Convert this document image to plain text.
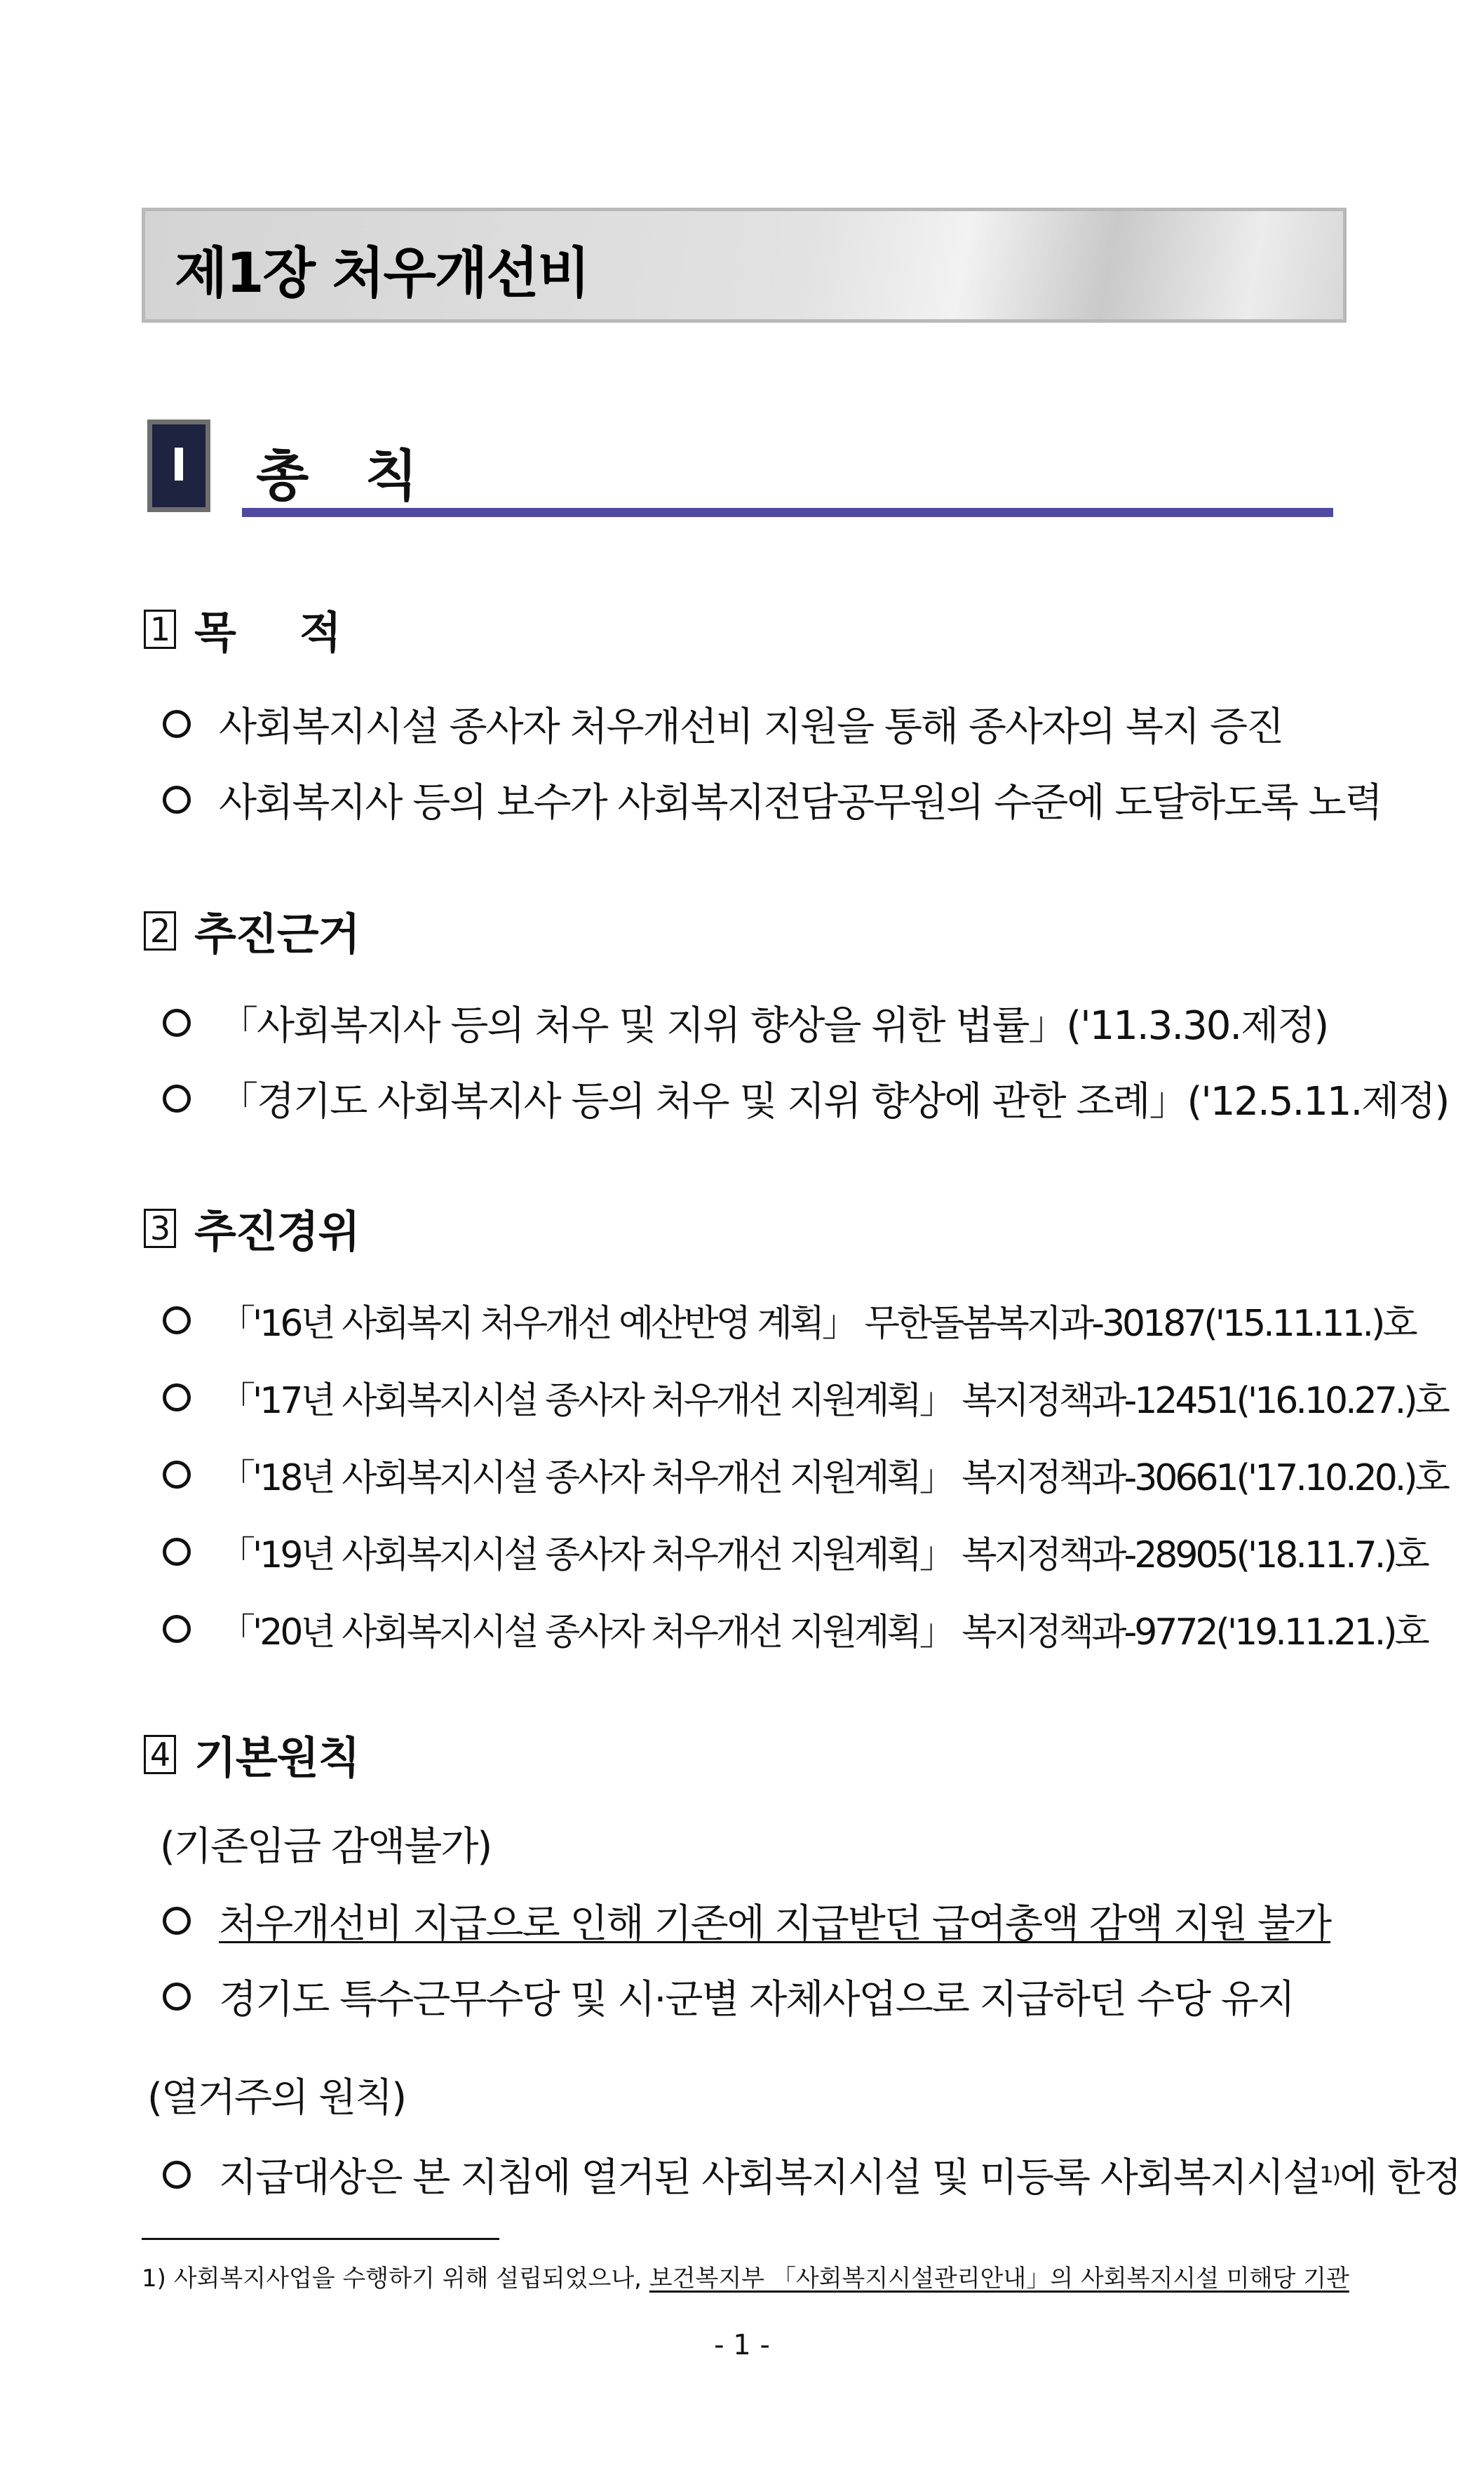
제1장 처우개선비
Ⅰ	총칙
1 목적
사회복지시설 종사자 처우개선비 지원을 통해 종사자의 복지 증진
사회복지사 등의 보수가 사회복지전담공무원의 수준에 도달하도록 노력
2 추진근거
「사회복지사 등의 처우 및 지위 향상을 위한 법률」('11.3.30.제정)
「경기도 사회복지사 등의 처우 및 지위 향상에 관한 조례」('12.5.11.제정)
3 추진경위
「'16년 사회복지 처우개선 예산반영 계획」 무한돌봄복지과-30187('15.11.11.)호
「'17년 사회복지시설 종사자 처우개선 지원계획」 복지정책과-12451('16.10.27.)호
「'18년 사회복지시설 종사자 처우개선 지원계획」 복지정책과-30661('17.10.20.)호
「'19년 사회복지시설 종사자 처우개선 지원계획」 복지정책과-28905('18.11.7.)호
「'20년 사회복지시설 종사자 처우개선 지원계획」 복지정책과-9772('19.11.21.)호
4 기본원칙
(기존임금 감액불가)
처우개선비 지급으로 인해 기존에 지급받던 급여총액 감액 지원 불가
경기도 특수근무수당 및 시·군별 자체사업으로 지급하던 수당 유지
(열거주의 원칙)
지급대상은 본 지침에 열거된 사회복지시설 및 미등록 사회복지시설 1) 에 한정
1) 사회복지사업을 수행하기 위해 설립되었으나, 보건복지부 「사회복지시설관리안내」의 사회복지시설 미해당 기관
- 1 -
